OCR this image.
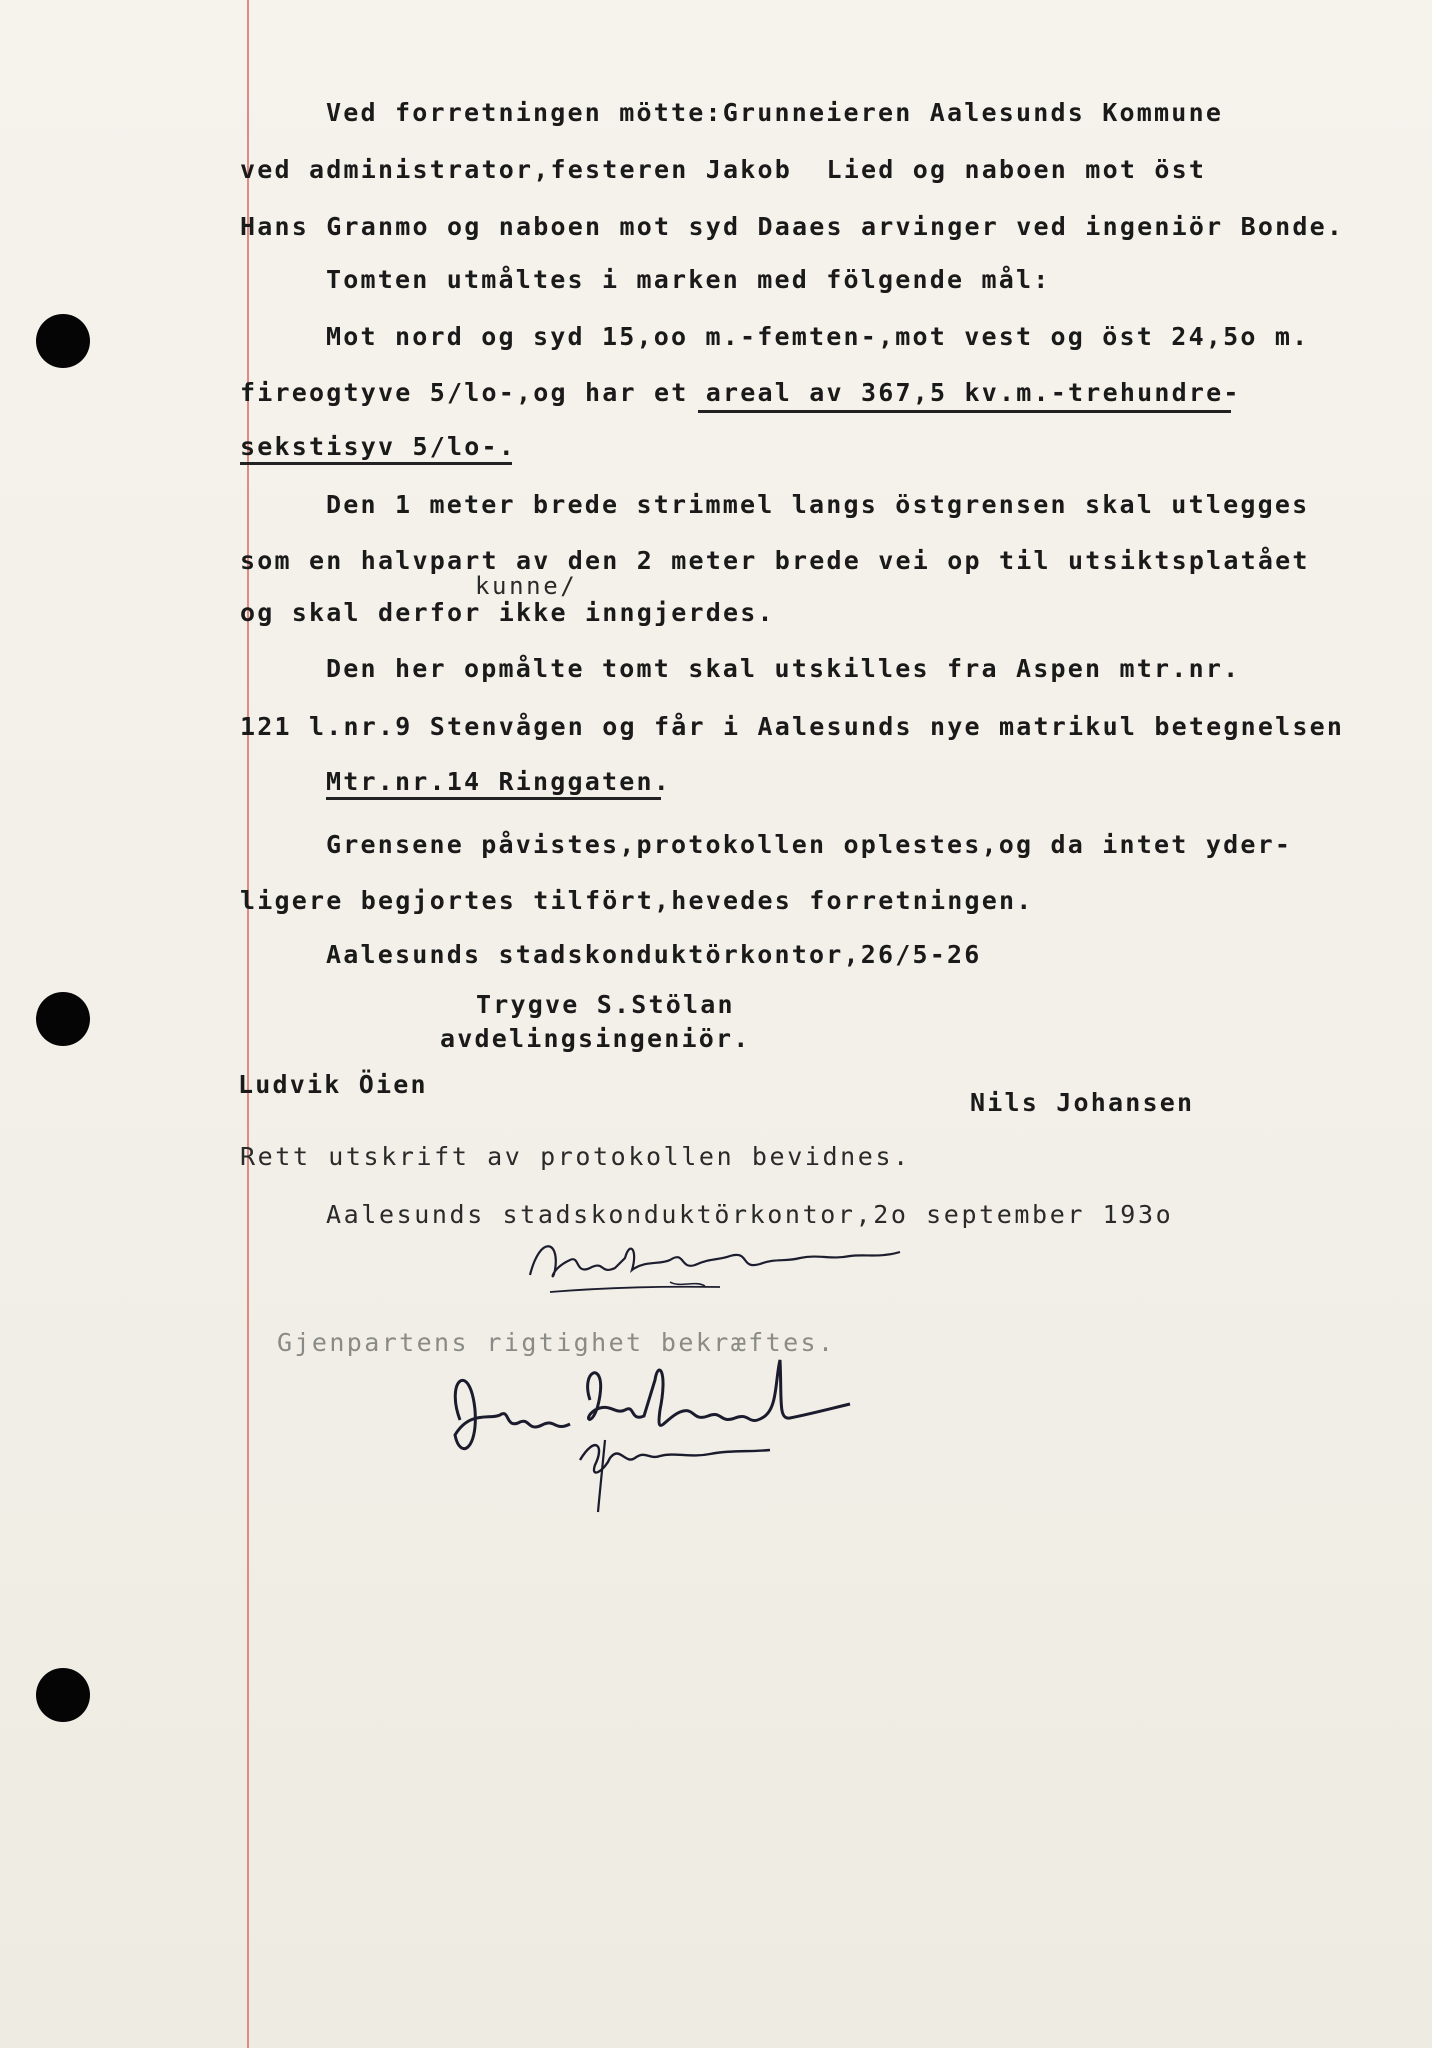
Ved forretningen mötte:Grunneieren Aalesunds Kommune
ved administrator,festeren Jakob  Lied og naboen mot öst
Hans Granmo og naboen mot syd Daaes arvinger ved ingeniör Bonde.
Tomten utmåltes i marken med fölgende mål:
Mot nord og syd 15,oo m.-femten-,mot vest og öst 24,5o m.
fireogtyve 5/lo-,og har et areal av 367,5 kv.m.-trehundre-
sekstisyv 5/lo-.
Den 1 meter brede strimmel langs östgrensen skal utlegges
som en halvpart av den 2 meter brede vei op til utsiktsplatået
kunne/
og skal derfor ikke inngjerdes.
Den her opmålte tomt skal utskilles fra Aspen mtr.nr.
121 l.nr.9 Stenvågen og får i Aalesunds nye matrikul betegnelsen
Mtr.nr.14 Ringgaten.
Grensene påvistes,protokollen oplestes,og da intet yder-
ligere begjortes tilfört,hevedes forretningen.
Aalesunds stadskonduktörkontor,26/5-26
Trygve S.Stölan
avdelingsingeniör.
Ludvik Öien
Nils Johansen
Rett utskrift av protokollen bevidnes.
Aalesunds stadskonduktörkontor,2o september 193o
Gjenpartens rigtighet bekræftes.
